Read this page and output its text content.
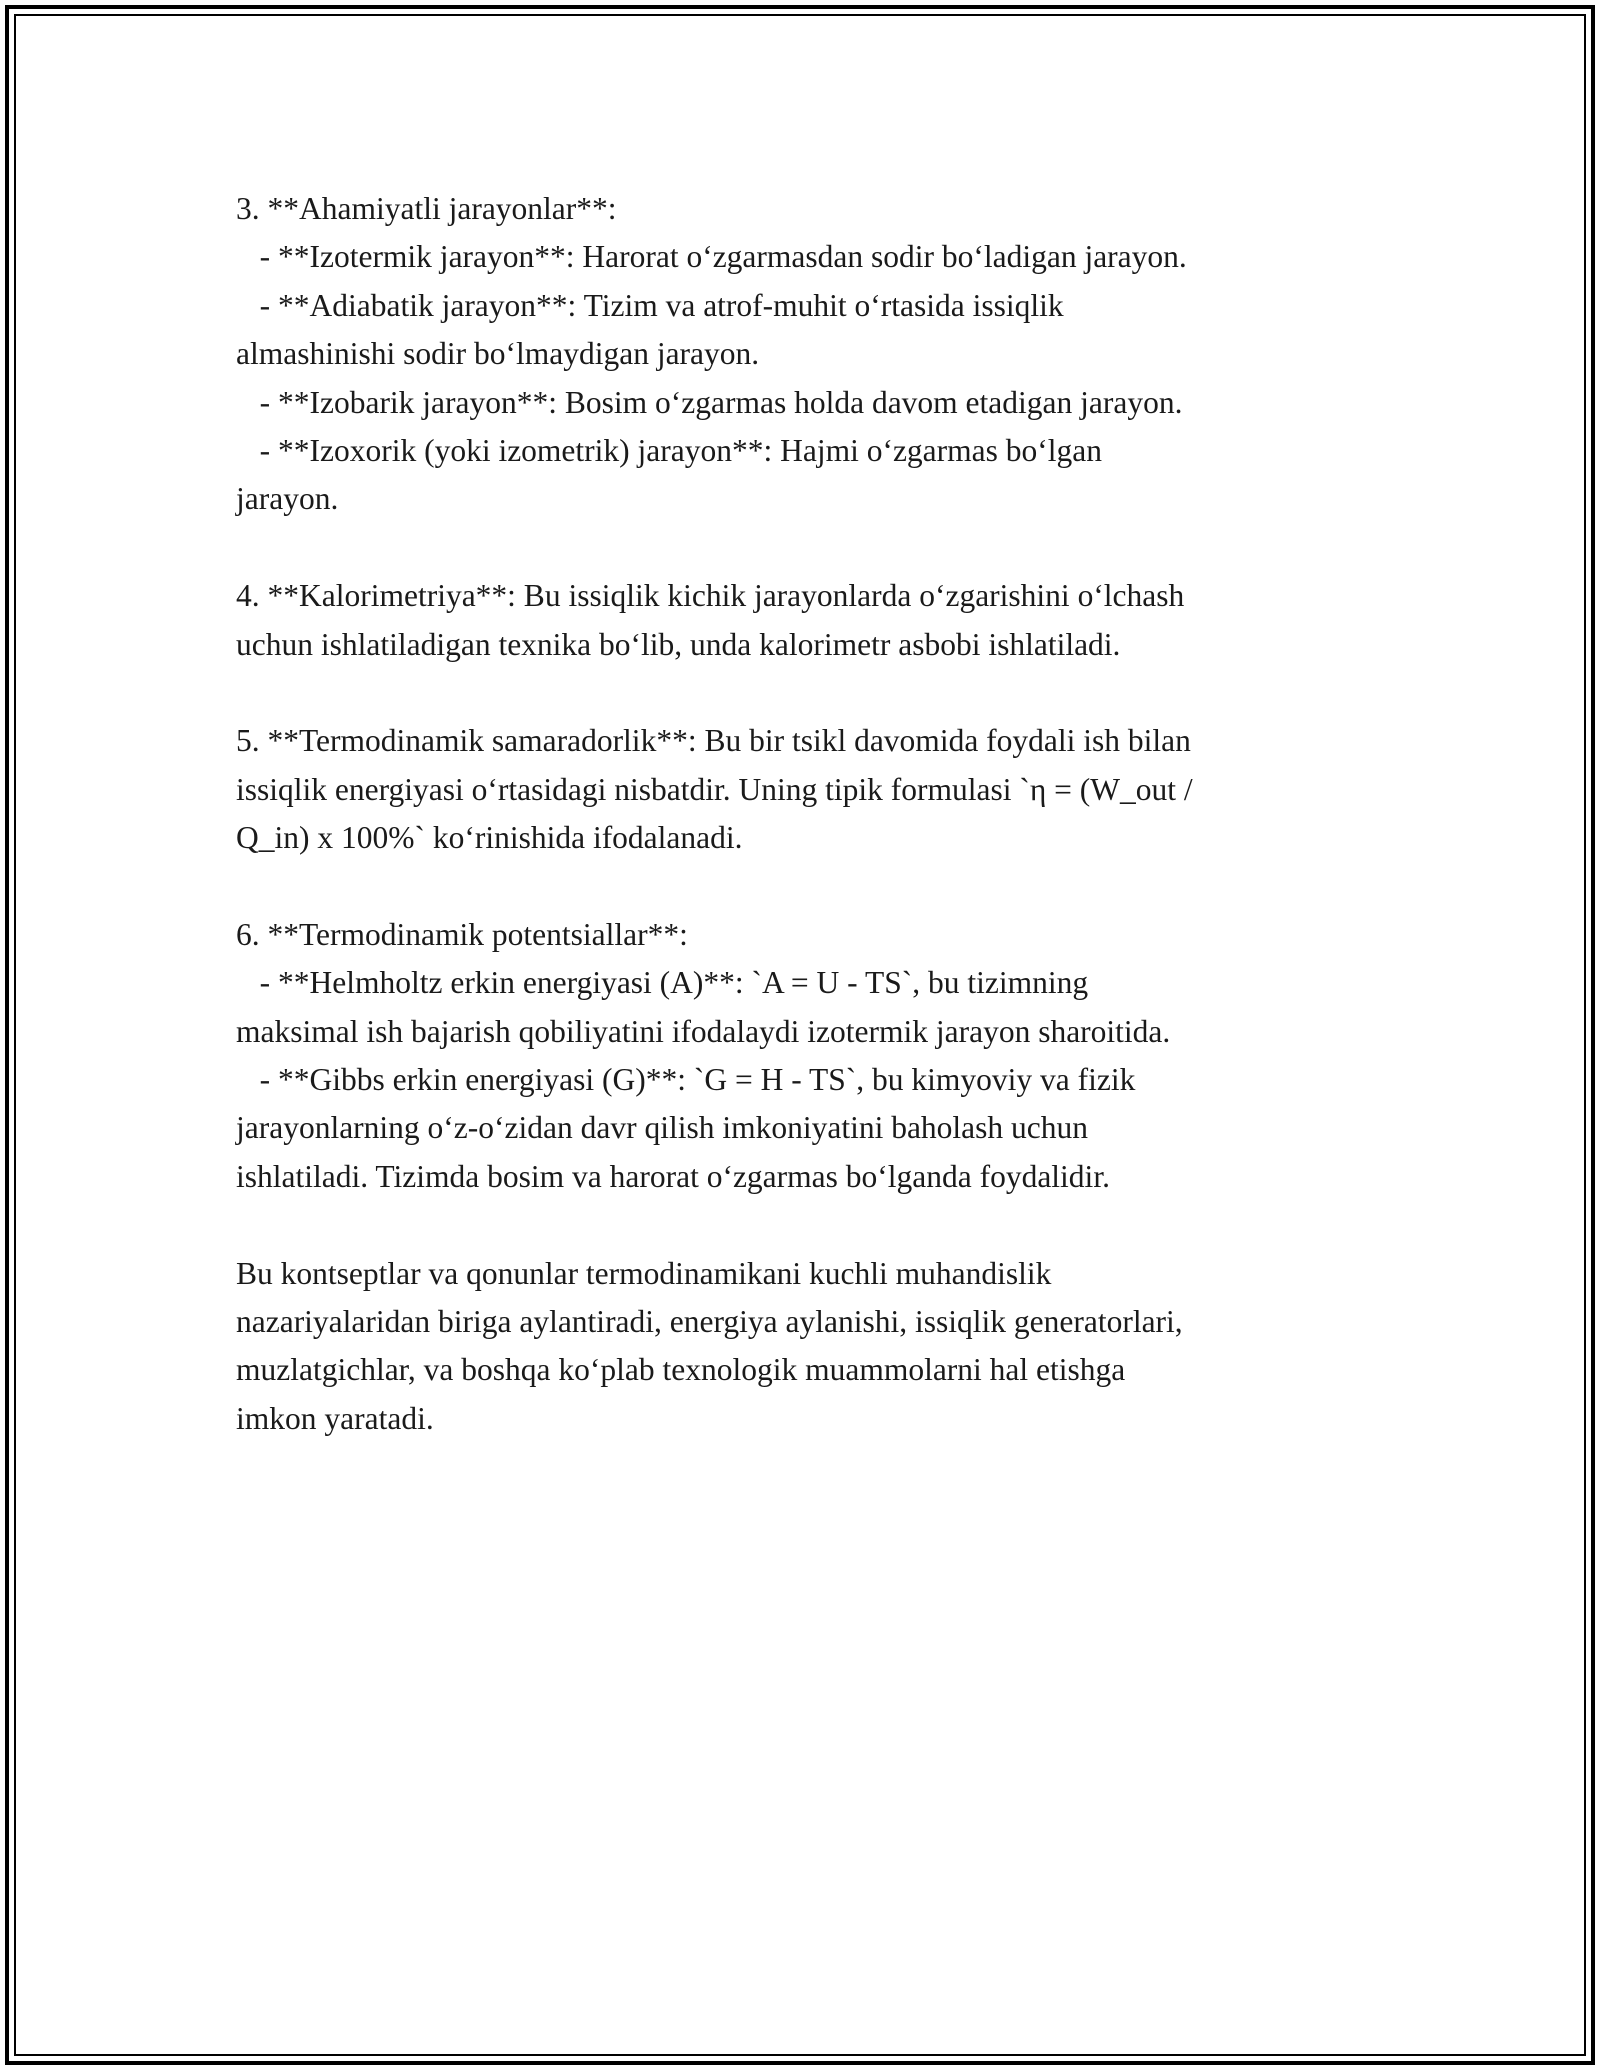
3. **Ahamiyatli jarayonlar**:
- **Izotermik jarayon**: Harorat o‘zgarmasdan sodir bo‘ladigan jarayon.
- **Adiabatik jarayon**: Tizim va atrof-muhit o‘rtasida issiqlik
almashinishi sodir bo‘lmaydigan jarayon.
- **Izobarik jarayon**: Bosim o‘zgarmas holda davom etadigan jarayon.
- **Izoxorik (yoki izometrik) jarayon**: Hajmi o‘zgarmas bo‘lgan
jarayon.
4. **Kalorimetriya**: Bu issiqlik kichik jarayonlarda o‘zgarishini o‘lchash
uchun ishlatiladigan texnika bo‘lib, unda kalorimetr asbobi ishlatiladi.
5. **Termodinamik samaradorlik**: Bu bir tsikl davomida foydali ish bilan
issiqlik energiyasi o‘rtasidagi nisbatdir. Uning tipik formulasi `η = (W_out /
Q_in) x 100%` ko‘rinishida ifodalanadi.
6. **Termodinamik potentsiallar**:
- **Helmholtz erkin energiyasi (A)**: `A = U - TS`, bu tizimning
maksimal ish bajarish qobiliyatini ifodalaydi izotermik jarayon sharoitida.
- **Gibbs erkin energiyasi (G)**: `G = H - TS`, bu kimyoviy va fizik
jarayonlarning o‘z-o‘zidan davr qilish imkoniyatini baholash uchun
ishlatiladi. Tizimda bosim va harorat o‘zgarmas bo‘lganda foydalidir.
Bu kontseptlar va qonunlar termodinamikani kuchli muhandislik
nazariyalaridan biriga aylantiradi, energiya aylanishi, issiqlik generatorlari,
muzlatgichlar, va boshqa ko‘plab texnologik muammolarni hal etishga
imkon yaratadi.
